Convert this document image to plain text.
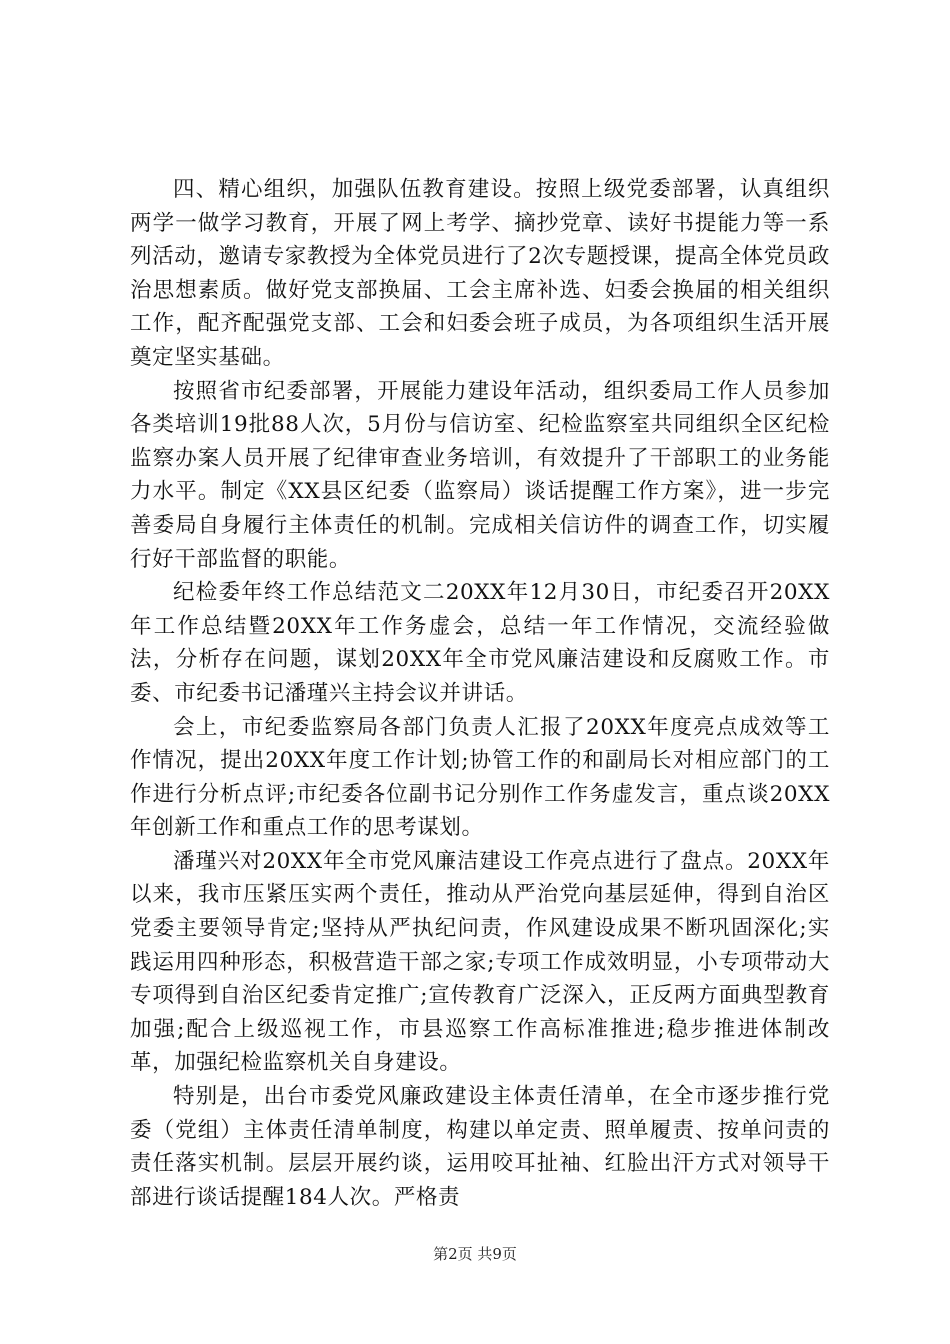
四、精心组织，加强队伍教育建设。按照上级党委部署，认真组织两学一做学习教育，开展了网上考学、摘抄党章、读好书提能力等一系列活动，邀请专家教授为全体党员进行了2次专题授课，提高全体党员政治思想素质。做好党支部换届、工会主席补选、妇委会换届的相关组织工作，配齐配强党支部、工会和妇委会班子成员，为各项组织生活开展奠定坚实基础。

按照省市纪委部署，开展能力建设年活动，组织委局工作人员参加各类培训19批88人次，5月份与信访室、纪检监察室共同组织全区纪检监察办案人员开展了纪律审查业务培训，有效提升了干部职工的业务能力水平。制定《XX县区纪委（监察局）谈话提醒工作方案》，进一步完善委局自身履行主体责任的机制。完成相关信访件的调查工作，切实履行好干部监督的职能。

纪检委年终工作总结范文二20XX年12月30日，市纪委召开20XX年工作总结暨20XX年工作务虚会，总结一年工作情况，交流经验做法，分析存在问题，谋划20XX年全市党风廉洁建设和反腐败工作。市委、市纪委书记潘瑾兴主持会议并讲话。

会上，市纪委监察局各部门负责人汇报了20XX年度亮点成效等工作情况，提出20XX年度工作计划;协管工作的和副局长对相应部门的工作进行分析点评;市纪委各位副书记分别作工作务虚发言，重点谈20XX年创新工作和重点工作的思考谋划。

潘瑾兴对20XX年全市党风廉洁建设工作亮点进行了盘点。20XX年以来，我市压紧压实两个责任，推动从严治党向基层延伸，得到自治区党委主要领导肯定;坚持从严执纪问责，作风建设成果不断巩固深化;实践运用四种形态，积极营造干部之家;专项工作成效明显，小专项带动大专项得到自治区纪委肯定推广;宣传教育广泛深入，正反两方面典型教育加强;配合上级巡视工作，市县巡察工作高标准推进;稳步推进体制改革，加强纪检监察机关自身建设。

特别是，出台市委党风廉政建设主体责任清单，在全市逐步推行党委（党组）主体责任清单制度，构建以单定责、照单履责、按单问责的责任落实机制。层层开展约谈，运用咬耳扯袖、红脸出汗方式对领导干部进行谈话提醒184人次。严格责

第2页 共9页
